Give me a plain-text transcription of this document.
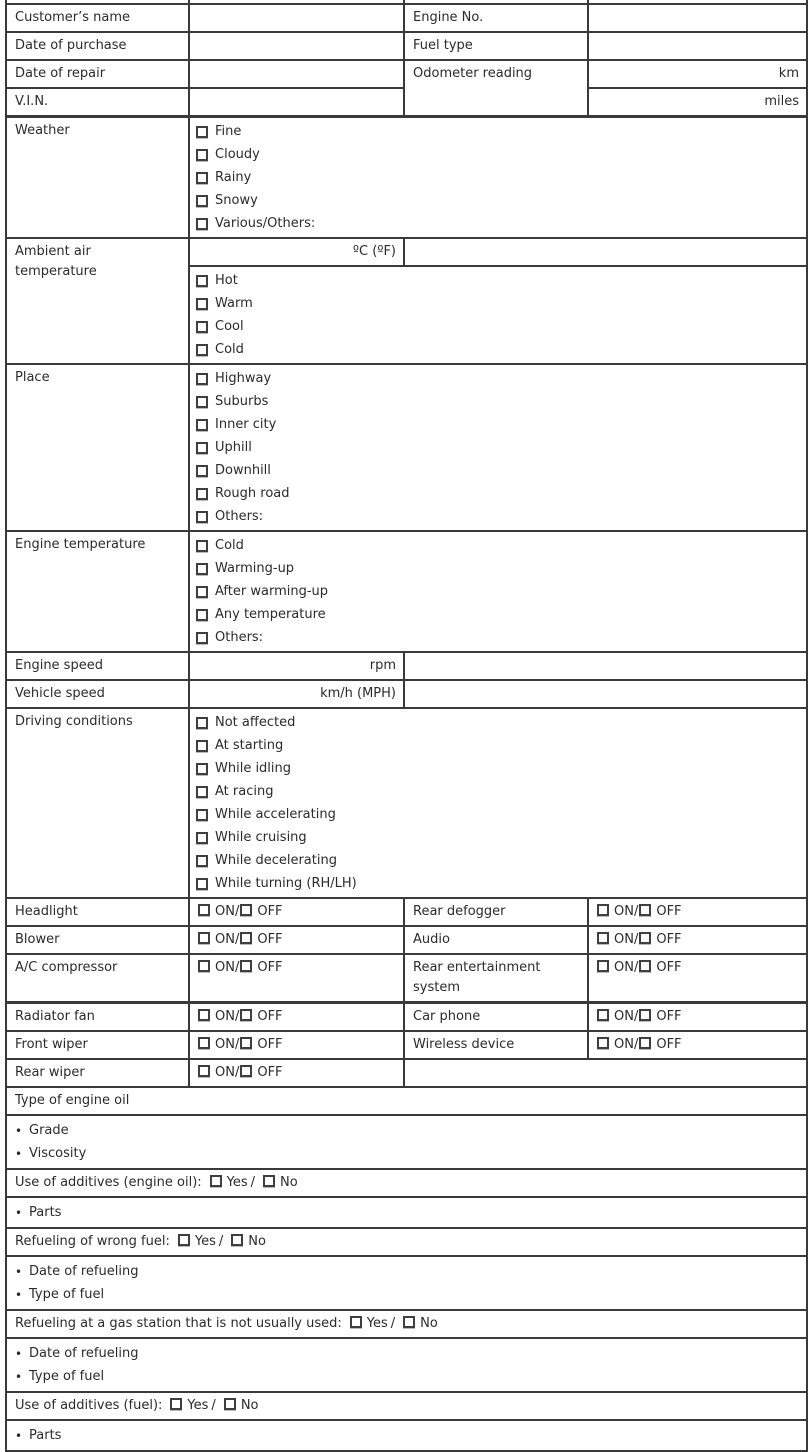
Customer’s name		Engine No.	
Date of purchase		Fuel type	
Date of repair		Odometer reading	km
V.I.N.			miles
Weather	Fine
Cloudy
Rainy
Snowy
Various/Others:		

Ambient air
temperature	ºC (ºF)		

	Hot
Warm
Cool
Cold		

Place	Highway
Suburbs
Inner city
Uphill
Downhill
Rough road
Others:

Engine temperature	Cold
Warming-up
After warming-up
Any temperature
Others:		

Engine speed	rpm		
Vehicle speed	km/h (MPH)		
Driving conditions	Not affected
At starting
While idling
At racing
While accelerating
While cruising
While decelerating
While turning (RH/LH)

Headlight	ON/ OFF	Rear defogger	ON/ OFF
Blower	ON/ OFF	Audio	ON/ OFF
A/C compressor	ON/ OFF	Rear entertainment system	ON/ OFF
Radiator fan	ON/ OFF	Car phone	ON/ OFF
Front wiper	ON/ OFF	Wireless device	ON/ OFF
Rear wiper	ON/ OFF		
Type of engine oil			

• Grade
• Viscosity			

Use of additives (engine oil): Yes / No			

• Parts			

Refueling of wrong fuel: Yes / No			

• Date of refueling
• Type of fuel			

Refueling at a gas station that is not usually used: Yes / No			

• Date of refueling
• Type of fuel			

Use of additives (fuel): Yes / No			

• Parts			
